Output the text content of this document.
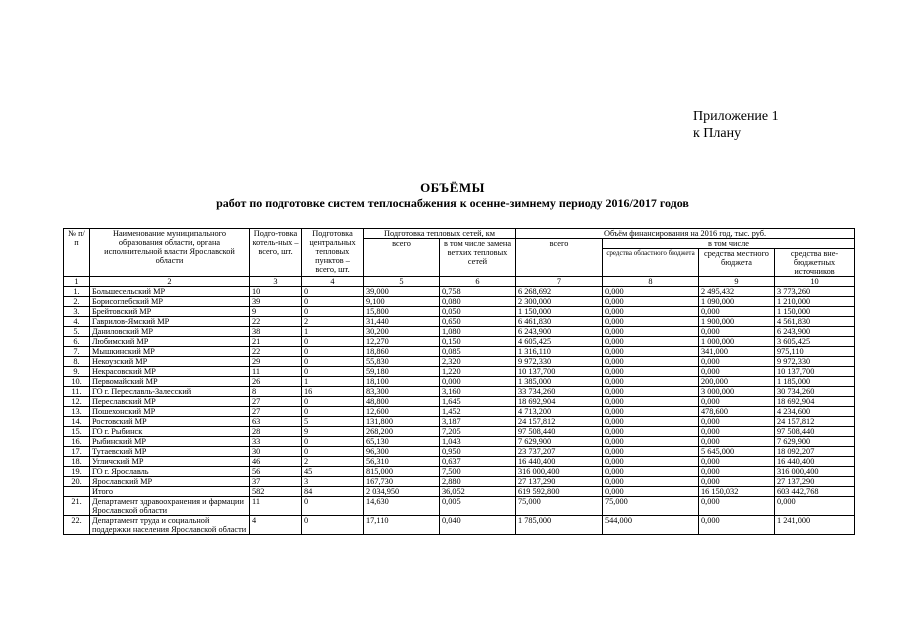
Приложение 1
к Плану
ОБЪЁМЫ
работ по подготовке систем теплоснабжения к осенне-зимнему периоду 2016/2017 годов
№ п/п	Наименование муниципального образования области, органа исполнительной власти Ярославской области	Подго-товка котель-ных – всего, шт.	Подготовка центральных тепловых пунктов – всего, шт.	Подготовка тепловых сетей, км		Объём финансирования на 2016 год, тыс. руб.			
				всего	в том числе замена ветхих тепловых сетей	всего	в том числе		
							средства областного бюджета	средства местного бюджета	средства вне-бюджетных источников
1	2	3	4	5	6	7	8	9	10
1.	Большесельский МР	10	0	39,000	0,758	6 268,692	0,000	2 495,432	3 773,260
2.	Борисоглебский МР	39	0	9,100	0,080	2 300,000	0,000	1 090,000	1 210,000
3.	Брейтовский МР	9	0	15,800	0,050	1 150,000	0,000	0,000	1 150,000
4.	Гаврилов-Ямский МР	22	2	31,440	0,650	6 461,830	0,000	1 900,000	4 561,830
5.	Даниловский МР	38	1	30,200	1,080	6 243,900	0,000	0,000	6 243,900
6.	Любимский МР	21	0	12,270	0,150	4 605,425	0,000	1 000,000	3 605,425
7.	Мышкинский МР	22	0	18,860	0,085	1 316,110	0,000	341,000	975,110
8.	Некоузский МР	29	0	55,830	2,320	9 972,330	0,000	0,000	9 972,330
9.	Некрасовский МР	11	0	59,180	1,220	10 137,700	0,000	0,000	10 137,700
10.	Первомайский МР	26	1	18,100	0,000	1 385,000	0,000	200,000	1 185,000
11.	ГО г. Переславль-Залесский	8	16	83,300	3,160	33 734,260	0,000	3 000,000	30 734,260
12.	Переславский МР	27	0	48,800	1,645	18 692,904	0,000	0,000	18 692,904
13.	Пошехонский МР	27	0	12,600	1,452	4 713,200	0,000	478,600	4 234,600
14.	Ростовский МР	63	5	131,800	3,187	24 157,812	0,000	0,000	24 157,812
15.	ГО г. Рыбинск	28	9	268,200	7,205	97 508,440	0,000	0,000	97 508,440
16.	Рыбинский МР	33	0	65,130	1,043	7 629,900	0,000	0,000	7 629,900
17.	Тутаевский МР	30	0	96,300	0,950	23 737,207	0,000	5 645,000	18 092,207
18.	Угличский МР	46	2	56,310	0,637	16 440,400	0,000	0,000	16 440,400
19.	ГО г. Ярославль	56	45	815,000	7,500	316 000,400	0,000	0,000	316 000,400
20.	Ярославский МР	37	3	167,730	2,880	27 137,290	0,000	0,000	27 137,290
	Итого	582	84	2 034,950	36,052	619 592,800	0,000	16 150,032	603 442,768
21.	Департамент здравоохранения и фармации Ярославской области	11	0	14,630	0,005	75,000	75,000	0,000	0,000
22.	Департамент труда и социальной поддержки населения Ярославской области	4	0	17,110	0,040	1 785,000	544,000	0,000	1 241,000
